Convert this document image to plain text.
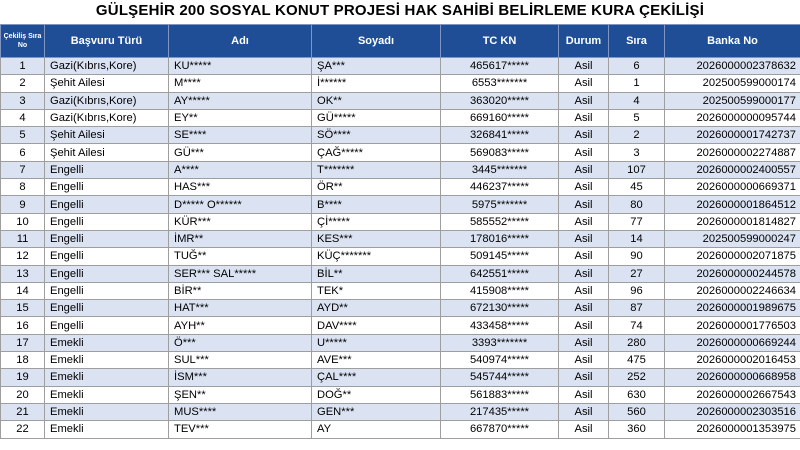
GÜLŞEHİR 200 SOSYAL KONUT PROJESİ HAK SAHİBİ BELİRLEME KURA ÇEKİLİŞİ
Çekiliş Sıra No	Başvuru Türü	Adı	Soyadı	TC KN	Durum	Sıra	Banka No
1	Gazi(Kıbrıs,Kore)	KU*****	ŞA***	465617*****	Asil	6	2026000002378632
2	Şehit Ailesi	M****	İ******	6553*******	Asil	1	202500599000174
3	Gazi(Kıbrıs,Kore)	AY*****	OK**	363020*****	Asil	4	202500599000177
4	Gazi(Kıbrıs,Kore)	EY**	GÜ*****	669160*****	Asil	5	2026000000095744
5	Şehit Ailesi	SE****	SÖ****	326841*****	Asil	2	2026000001742737
6	Şehit Ailesi	GÜ***	ÇAĞ*****	569083*****	Asil	3	2026000002274887
7	Engelli	A****	T*******	3445*******	Asil	107	2026000002400557
8	Engelli	HAS***	ÖR**	446237*****	Asil	45	2026000000669371
9	Engelli	D***** O******	B****	5975*******	Asil	80	2026000001864512
10	Engelli	KÜR***	Çİ*****	585552*****	Asil	77	2026000001814827
11	Engelli	İMR**	KES***	178016*****	Asil	14	202500599000247
12	Engelli	TUĞ**	KÜÇ*******	509145*****	Asil	90	2026000002071875
13	Engelli	SER*** SAL*****	BİL**	642551*****	Asil	27	2026000000244578
14	Engelli	BİR**	TEK*	415908*****	Asil	96	2026000002246634
15	Engelli	HAT***	AYD**	672130*****	Asil	87	2026000001989675
16	Engelli	AYH**	DAV****	433458*****	Asil	74	2026000001776503
17	Emekli	Ö***	U*****	3393*******	Asil	280	2026000000669244
18	Emekli	SUL***	AVE***	540974*****	Asil	475	2026000002016453
19	Emekli	İSM***	ÇAL****	545744*****	Asil	252	2026000000668958
20	Emekli	ŞEN**	DOĞ**	561883*****	Asil	630	2026000002667543
21	Emekli	MUS****	GEN***	217435*****	Asil	560	2026000002303516
22	Emekli	TEV***	AY	667870*****	Asil	360	2026000001353975
